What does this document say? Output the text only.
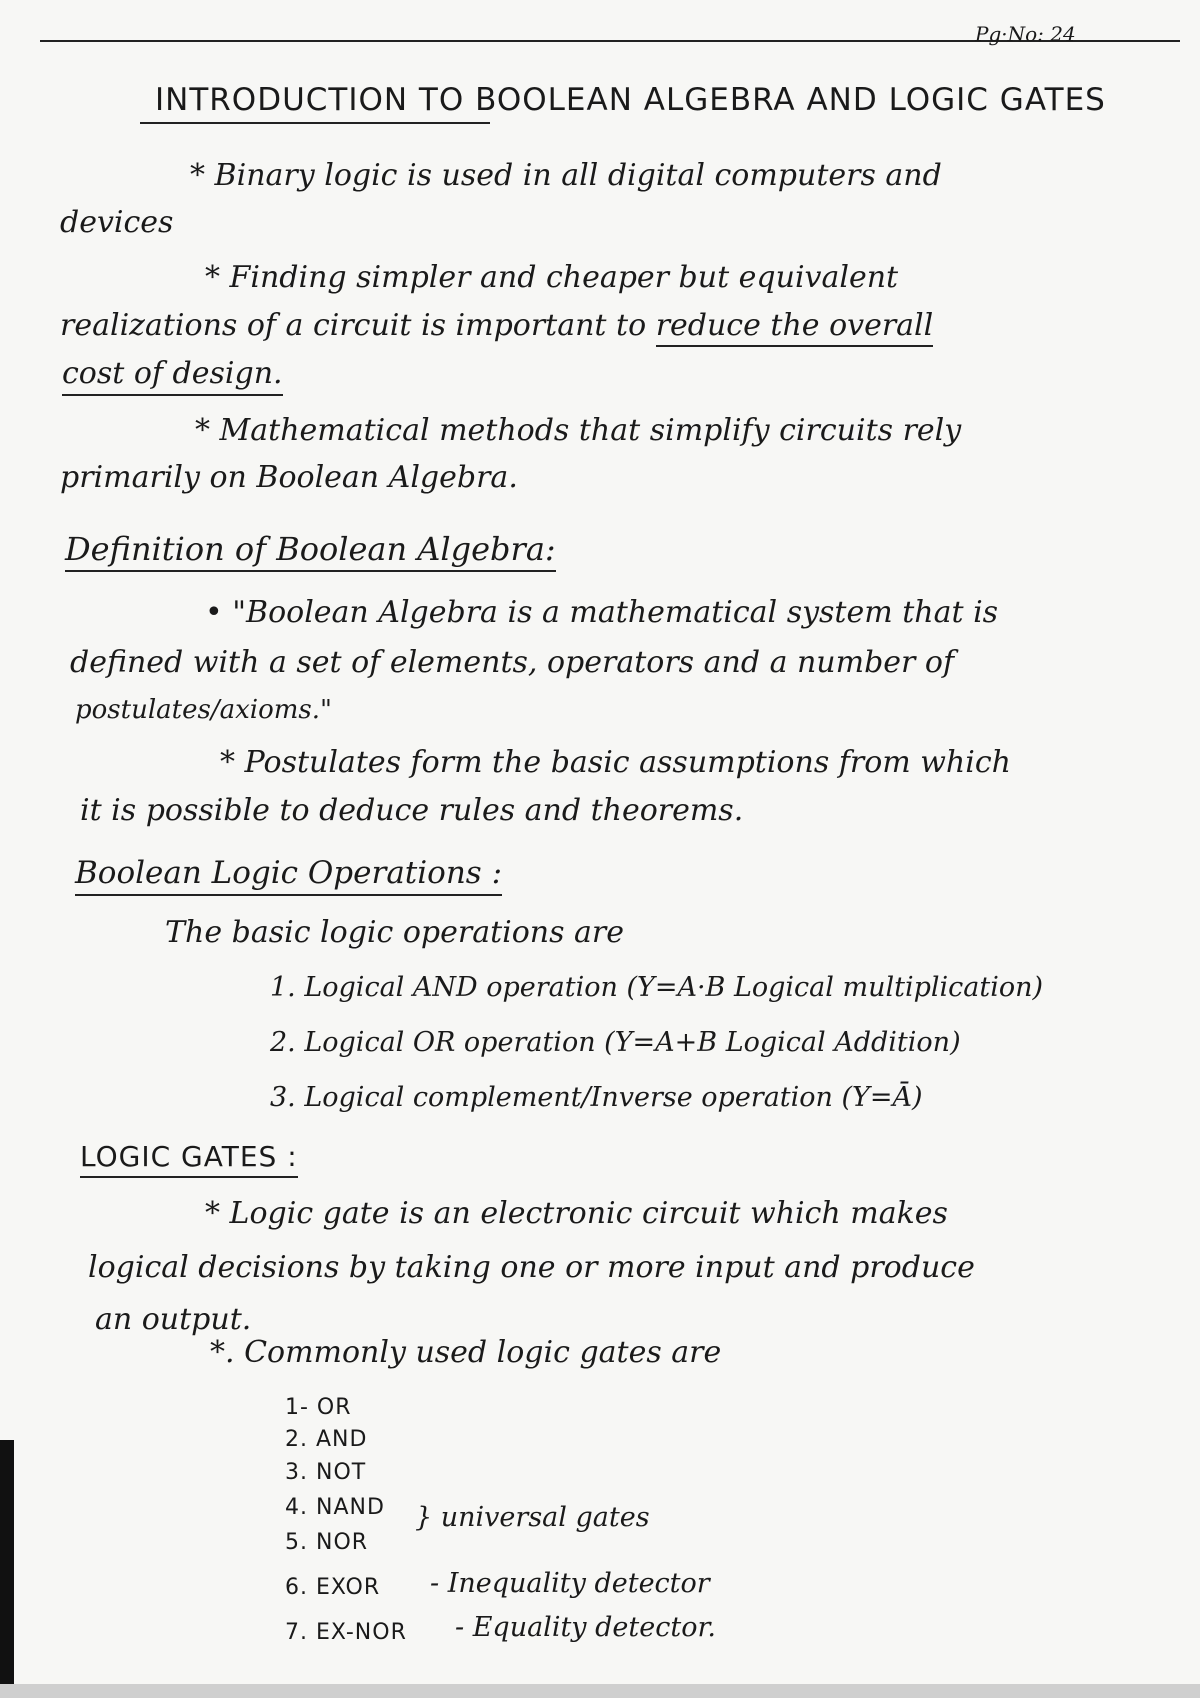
Pg·No: 24
INTRODUCTION TO BOOLEAN ALGEBRA AND LOGIC GATES
* Binary logic is used in all digital computers and
devices
* Finding simpler and cheaper but equivalent
realizations of a circuit is important to reduce the overall
cost of design.
* Mathematical methods that simplify circuits rely
primarily on Boolean Algebra.
Definition of Boolean Algebra:
• "Boolean Algebra is a mathematical system that is
defined with a set of elements, operators and a number of
postulates/axioms."
* Postulates form the basic assumptions from which
it is possible to deduce rules and theorems.
Boolean Logic Operations :
The basic logic operations are
1. Logical AND operation (Y=A·B Logical multiplication)
2. Logical OR operation (Y=A+B Logical Addition)
3. Logical complement/Inverse operation (Y=Ā)
LOGIC GATES :
* Logic gate is an electronic circuit which makes
logical decisions by taking one or more input and produce
an output.
*. Commonly used logic gates are
1- OR
2. AND
3. NOT
4. NAND
5. NOR
} universal gates
6. EXOR - Inequality detector
7. EX-NOR - Equality detector.
